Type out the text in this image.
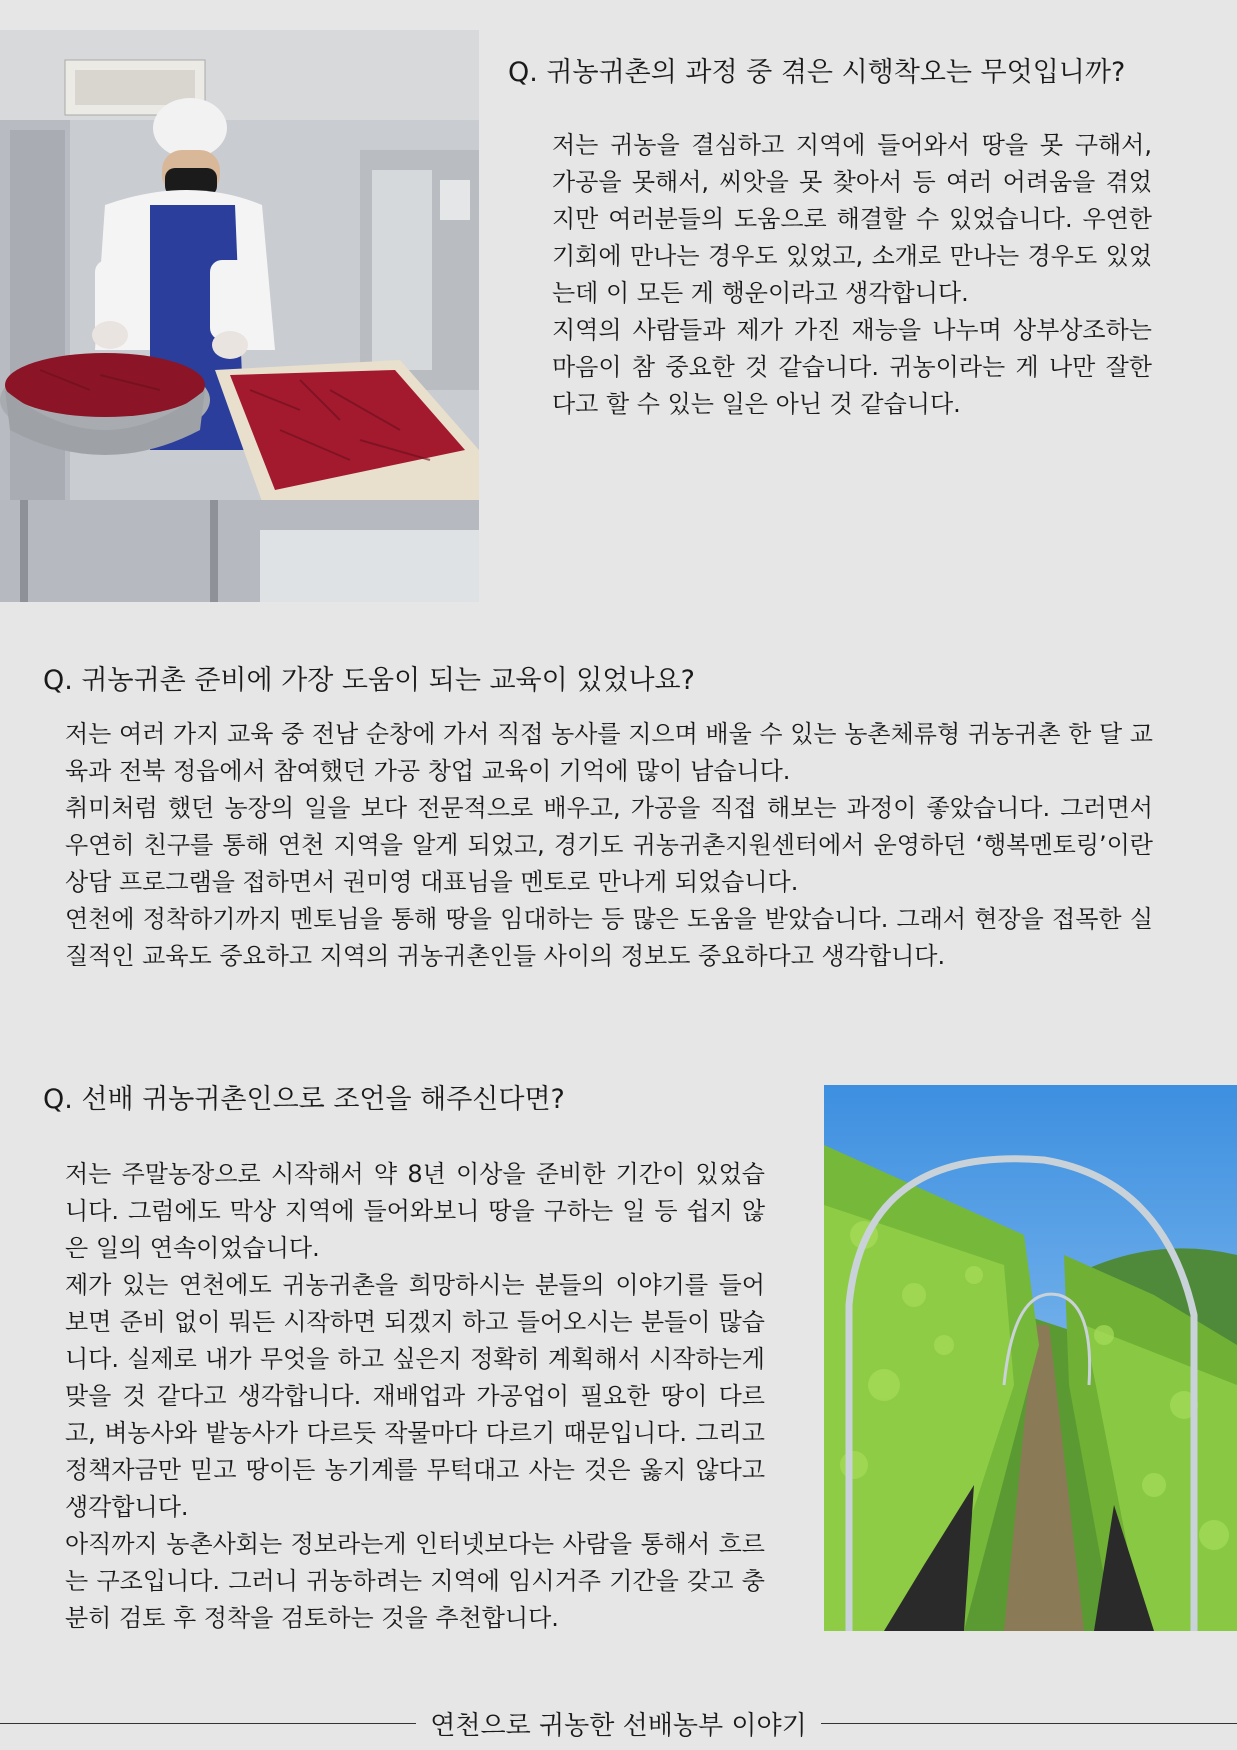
Q. 귀농귀촌의 과정 중 겪은 시행착오는 무엇입니까?

저는 귀농을 결심하고 지역에 들어와서 땅을 못 구해서, 가공을 못해서, 씨앗을 못 찾아서 등 여러 어려움을 겪었지만 여러분들의 도움으로 해결할 수 있었습니다. 우연한 기회에 만나는 경우도 있었고, 소개로 만나는 경우도 있었는데 이 모든 게 행운이라고 생각합니다.

지역의 사람들과 제가 가진 재능을 나누며 상부상조하는 마음이 참 중요한 것 같습니다. 귀농이라는 게 나만 잘한다고 할 수 있는 일은 아닌 것 같습니다.

Q. 귀농귀촌 준비에 가장 도움이 되는 교육이 있었나요?

저는 여러 가지 교육 중 전남 순창에 가서 직접 농사를 지으며 배울 수 있는 농촌체류형 귀농귀촌 한 달 교육과 전북 정읍에서 참여했던 가공 창업 교육이 기억에 많이 남습니다.

취미처럼 했던 농장의 일을 보다 전문적으로 배우고, 가공을 직접 해보는 과정이 좋았습니다. 그러면서 우연히 친구를 통해 연천 지역을 알게 되었고, 경기도 귀농귀촌지원센터에서 운영하던 ‘행복멘토링’이란 상담 프로그램을 접하면서 권미영 대표님을 멘토로 만나게 되었습니다.

연천에 정착하기까지 멘토님을 통해 땅을 임대하는 등 많은 도움을 받았습니다. 그래서 현장을 접목한 실질적인 교육도 중요하고 지역의 귀농귀촌인들 사이의 정보도 중요하다고 생각합니다.

Q. 선배 귀농귀촌인으로 조언을 해주신다면?

저는 주말농장으로 시작해서 약 8년 이상을 준비한 기간이 있었습니다. 그럼에도 막상 지역에 들어와보니 땅을 구하는 일 등 쉽지 않은 일의 연속이었습니다.

제가 있는 연천에도 귀농귀촌을 희망하시는 분들의 이야기를 들어보면 준비 없이 뭐든 시작하면 되겠지 하고 들어오시는 분들이 많습니다. 실제로 내가 무엇을 하고 싶은지 정확히 계획해서 시작하는게 맞을 것 같다고 생각합니다. 재배업과 가공업이 필요한 땅이 다르고, 벼농사와 밭농사가 다르듯 작물마다 다르기 때문입니다. 그리고 정책자금만 믿고 땅이든 농기계를 무턱대고 사는 것은 옳지 않다고 생각합니다.

아직까지 농촌사회는 정보라는게 인터넷보다는 사람을 통해서 흐르는 구조입니다. 그러니 귀농하려는 지역에 임시거주 기간을 갖고 충분히 검토 후 정착을 검토하는 것을 추천합니다.

연천으로 귀농한 선배농부 이야기
